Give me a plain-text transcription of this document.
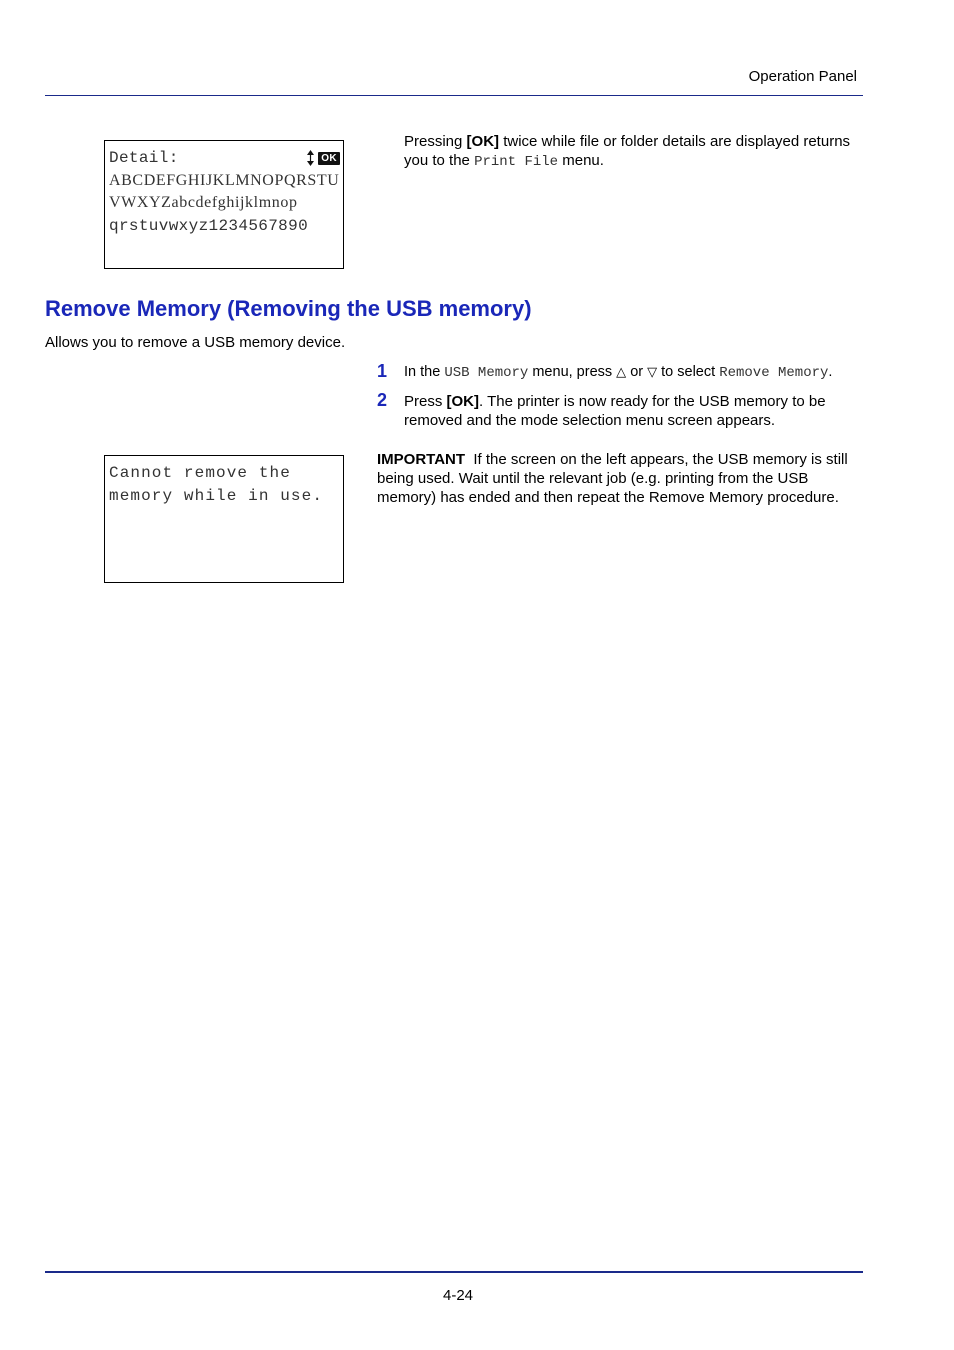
Operation Panel
Detail:	OK
ABCDEFGHIJKLMNOPQRSTU
VWXYZabcdefghijklmnop
qrstuvwxyz1234567890
Pressing [OK] twice while file or folder details are displayed returns you to the Print File menu.
Remove Memory (Removing the USB memory)
Allows you to remove a USB memory device.
1	In the USB Memory menu, press △ or ▽ to select Remove Memory.
2	Press [OK]. The printer is now ready for the USB memory to be removed and the mode selection menu screen appears.
Cannot remove the
memory while in use.
IMPORTANT  If the screen on the left appears, the USB memory is still being used. Wait until the relevant job (e.g. printing from the USB memory) has ended and then repeat the Remove Memory procedure.
4-24
